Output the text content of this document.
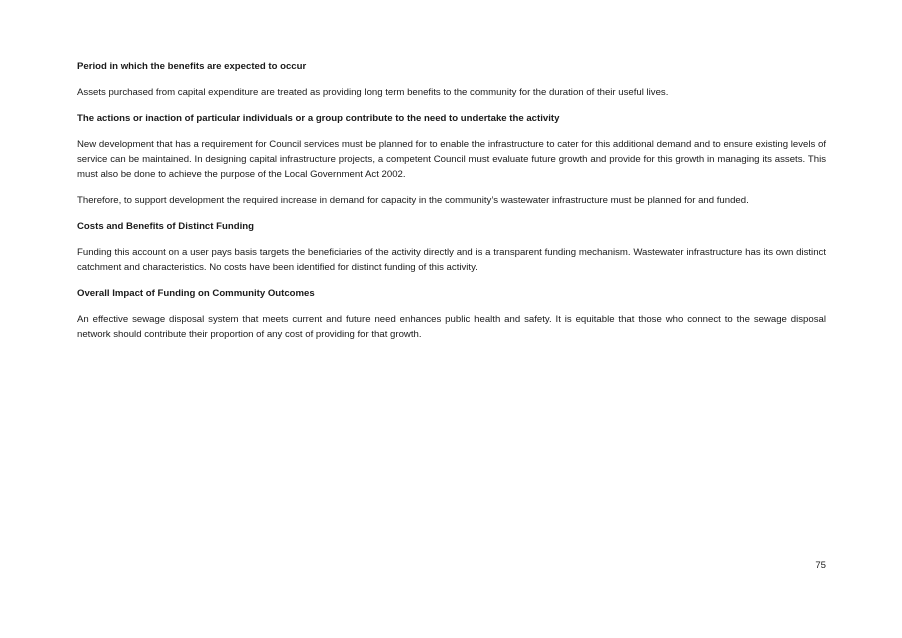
Period in which the benefits are expected to occur
Assets purchased from capital expenditure are treated as providing long term benefits to the community for the duration of their useful lives.
The actions or inaction of particular individuals or a group contribute to the need to undertake the activity
New development that has a requirement for Council services must be planned for to enable the infrastructure to cater for this additional demand and to ensure existing levels of service can be maintained. In designing capital infrastructure projects, a competent Council must evaluate future growth and provide for this growth in managing its assets. This must also be done to achieve the purpose of the Local Government Act 2002.
Therefore, to support development the required increase in demand for capacity in the community’s wastewater infrastructure must be planned for and funded.
Costs and Benefits of Distinct Funding
Funding this account on a user pays basis targets the beneficiaries of the activity directly and is a transparent funding mechanism. Wastewater infrastructure has its own distinct catchment and characteristics. No costs have been identified for distinct funding of this activity.
Overall Impact of Funding on Community Outcomes
An effective sewage disposal system that meets current and future need enhances public health and safety. It is equitable that those who connect to the sewage disposal network should contribute their proportion of any cost of providing for that growth.
75
